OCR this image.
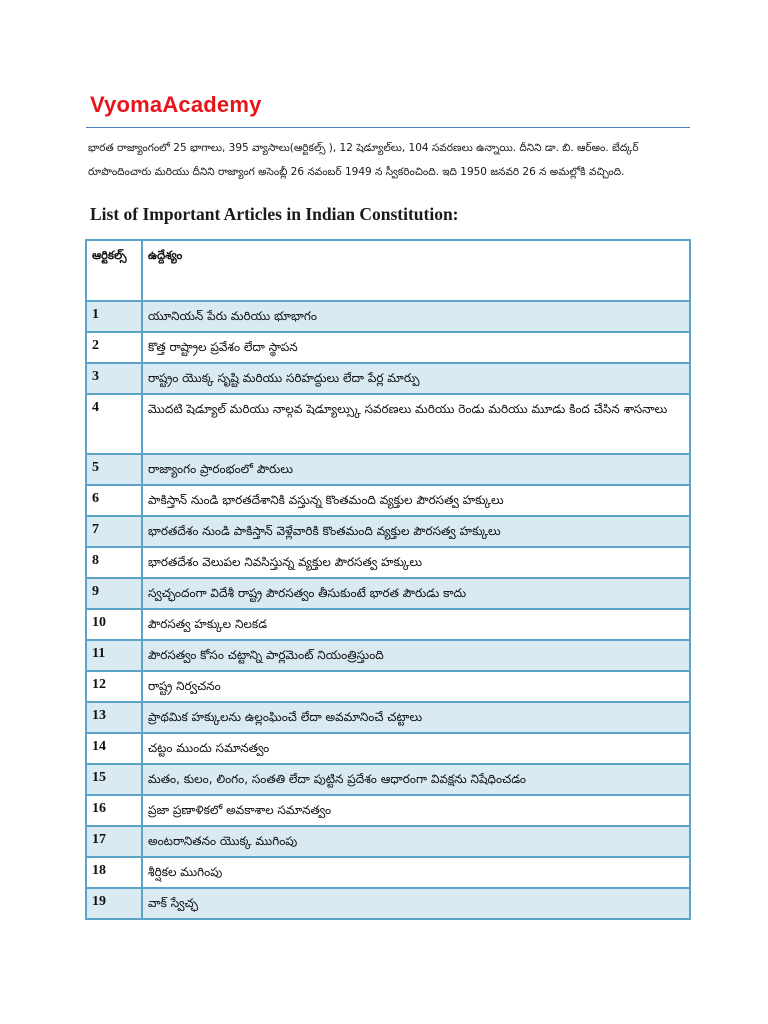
VyomaAcademy
భారత రాజ్యాంగంలో 25 భాగాలు, 395 వ్యాసాలు(ఆర్టికల్స్ ), 12 షెడ్యూల్‌లు, 104 సవరణలు ఉన్నాయి. దీనిని డా. బి. ఆర్అం. బేద్కర్
రూపొందించారు మరియు దీనిని రాజ్యాంగ అసెంబ్లీ 26 నవంబర్ 1949 న స్వీకరించింది. ఇది 1950 జనవరి 26 న అమల్లోకి వచ్చింది.
List of Important Articles in Indian Constitution:
ఆర్టికల్స్	ఉద్దేశ్యం
1	యూనియన్ పేరు మరియు భూభాగం
2	కొత్త రాష్ట్రాల ప్రవేశం లేదా స్థాపన
3	రాష్ట్రం యొక్క సృష్టి మరియు సరిహద్దులు లేదా పేర్ల మార్పు
4	మొదటి షెడ్యూల్ మరియు నాల్గవ షెడ్యూల్స్కు సవరణలు మరియు రెండు మరియు మూడు కింద చేసిన శాసనాలు
5	రాజ్యాంగం ప్రారంభంలో పౌరులు
6	పాకిస్తాన్ నుండి భారతదేశానికి వస్తున్న కొంతమంది వ్యక్తుల పౌరసత్వ హక్కులు
7	భారతదేశం నుండి పాకిస్తాన్ వెళ్లేవారికి కొంతమంది వ్యక్తుల పౌరసత్వ హక్కులు
8	భారతదేశం వెలుపల నివసిస్తున్న వ్యక్తుల పౌరసత్వ హక్కులు
9	స్వచ్ఛందంగా విదేశీ రాష్ట్ర పౌరసత్వం తీసుకుంటే భారత పౌరుడు కాదు
10	పౌరసత్వ హక్కుల నిలకడ
11	పౌరసత్వం కోసం చట్టాన్ని పార్లమెంట్ నియంత్రిస్తుంది
12	రాష్ట్ర నిర్వచనం
13	ప్రాథమిక హక్కులను ఉల్లంఘించే లేదా అవమానించే చట్టాలు
14	చట్టం ముందు సమానత్వం
15	మతం, కులం, లింగం, సంతతి లేదా పుట్టిన ప్రదేశం ఆధారంగా వివక్షను నిషేధించడం
16	ప్రజా ప్రణాళికలో అవకాశాల సమానత్వం
17	అంటరానితనం యొక్క ముగింపు
18	శీర్షికల ముగింపు
19	వాక్ స్వేచ్ఛ
